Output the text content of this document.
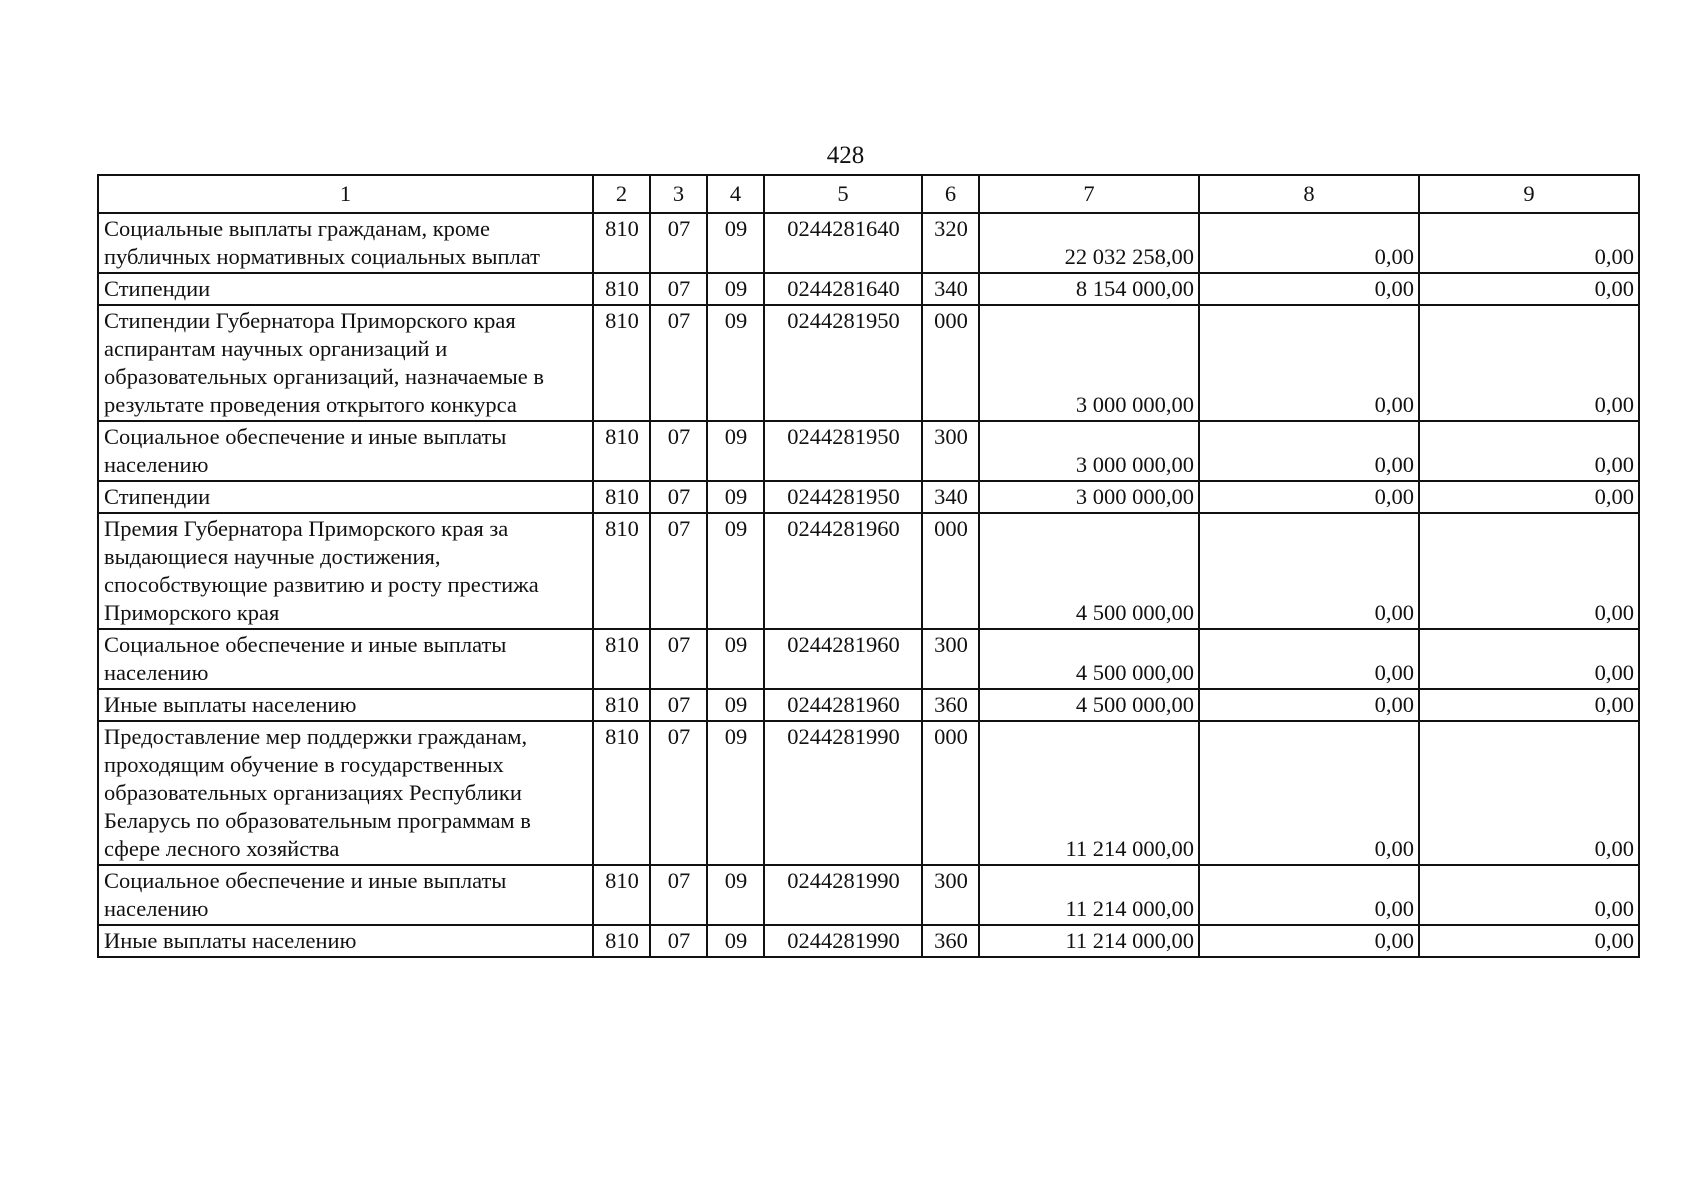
428
1	2	3	4	5	6	7	8	9

Социальные выплаты гражданам, кроме
публичных нормативных социальных выплат	810	07	09	0244281640	320	22 032 258,00	0,00	0,00

Стипендии	810	07	09	0244281640	340	8 154 000,00	0,00	0,00

Стипендии Губернатора Приморского края
аспирантам научных организаций и
образовательных организаций, назначаемые в
результате проведения открытого конкурса	810	07	09	0244281950	000	3 000 000,00	0,00	0,00

Социальное обеспечение и иные выплаты
населению	810	07	09	0244281950	300	3 000 000,00	0,00	0,00

Стипендии	810	07	09	0244281950	340	3 000 000,00	0,00	0,00

Премия Губернатора Приморского края за
выдающиеся научные достижения,
способствующие развитию и росту престижа
Приморского края	810	07	09	0244281960	000	4 500 000,00	0,00	0,00

Социальное обеспечение и иные выплаты
населению	810	07	09	0244281960	300	4 500 000,00	0,00	0,00

Иные выплаты населению	810	07	09	0244281960	360	4 500 000,00	0,00	0,00

Предоставление мер поддержки гражданам,
проходящим обучение в государственных
образовательных организациях Республики
Беларусь по образовательным программам в
сфере лесного хозяйства	810	07	09	0244281990	000	11 214 000,00	0,00	0,00

Социальное обеспечение и иные выплаты
населению	810	07	09	0244281990	300	11 214 000,00	0,00	0,00

Иные выплаты населению	810	07	09	0244281990	360	11 214 000,00	0,00	0,00
